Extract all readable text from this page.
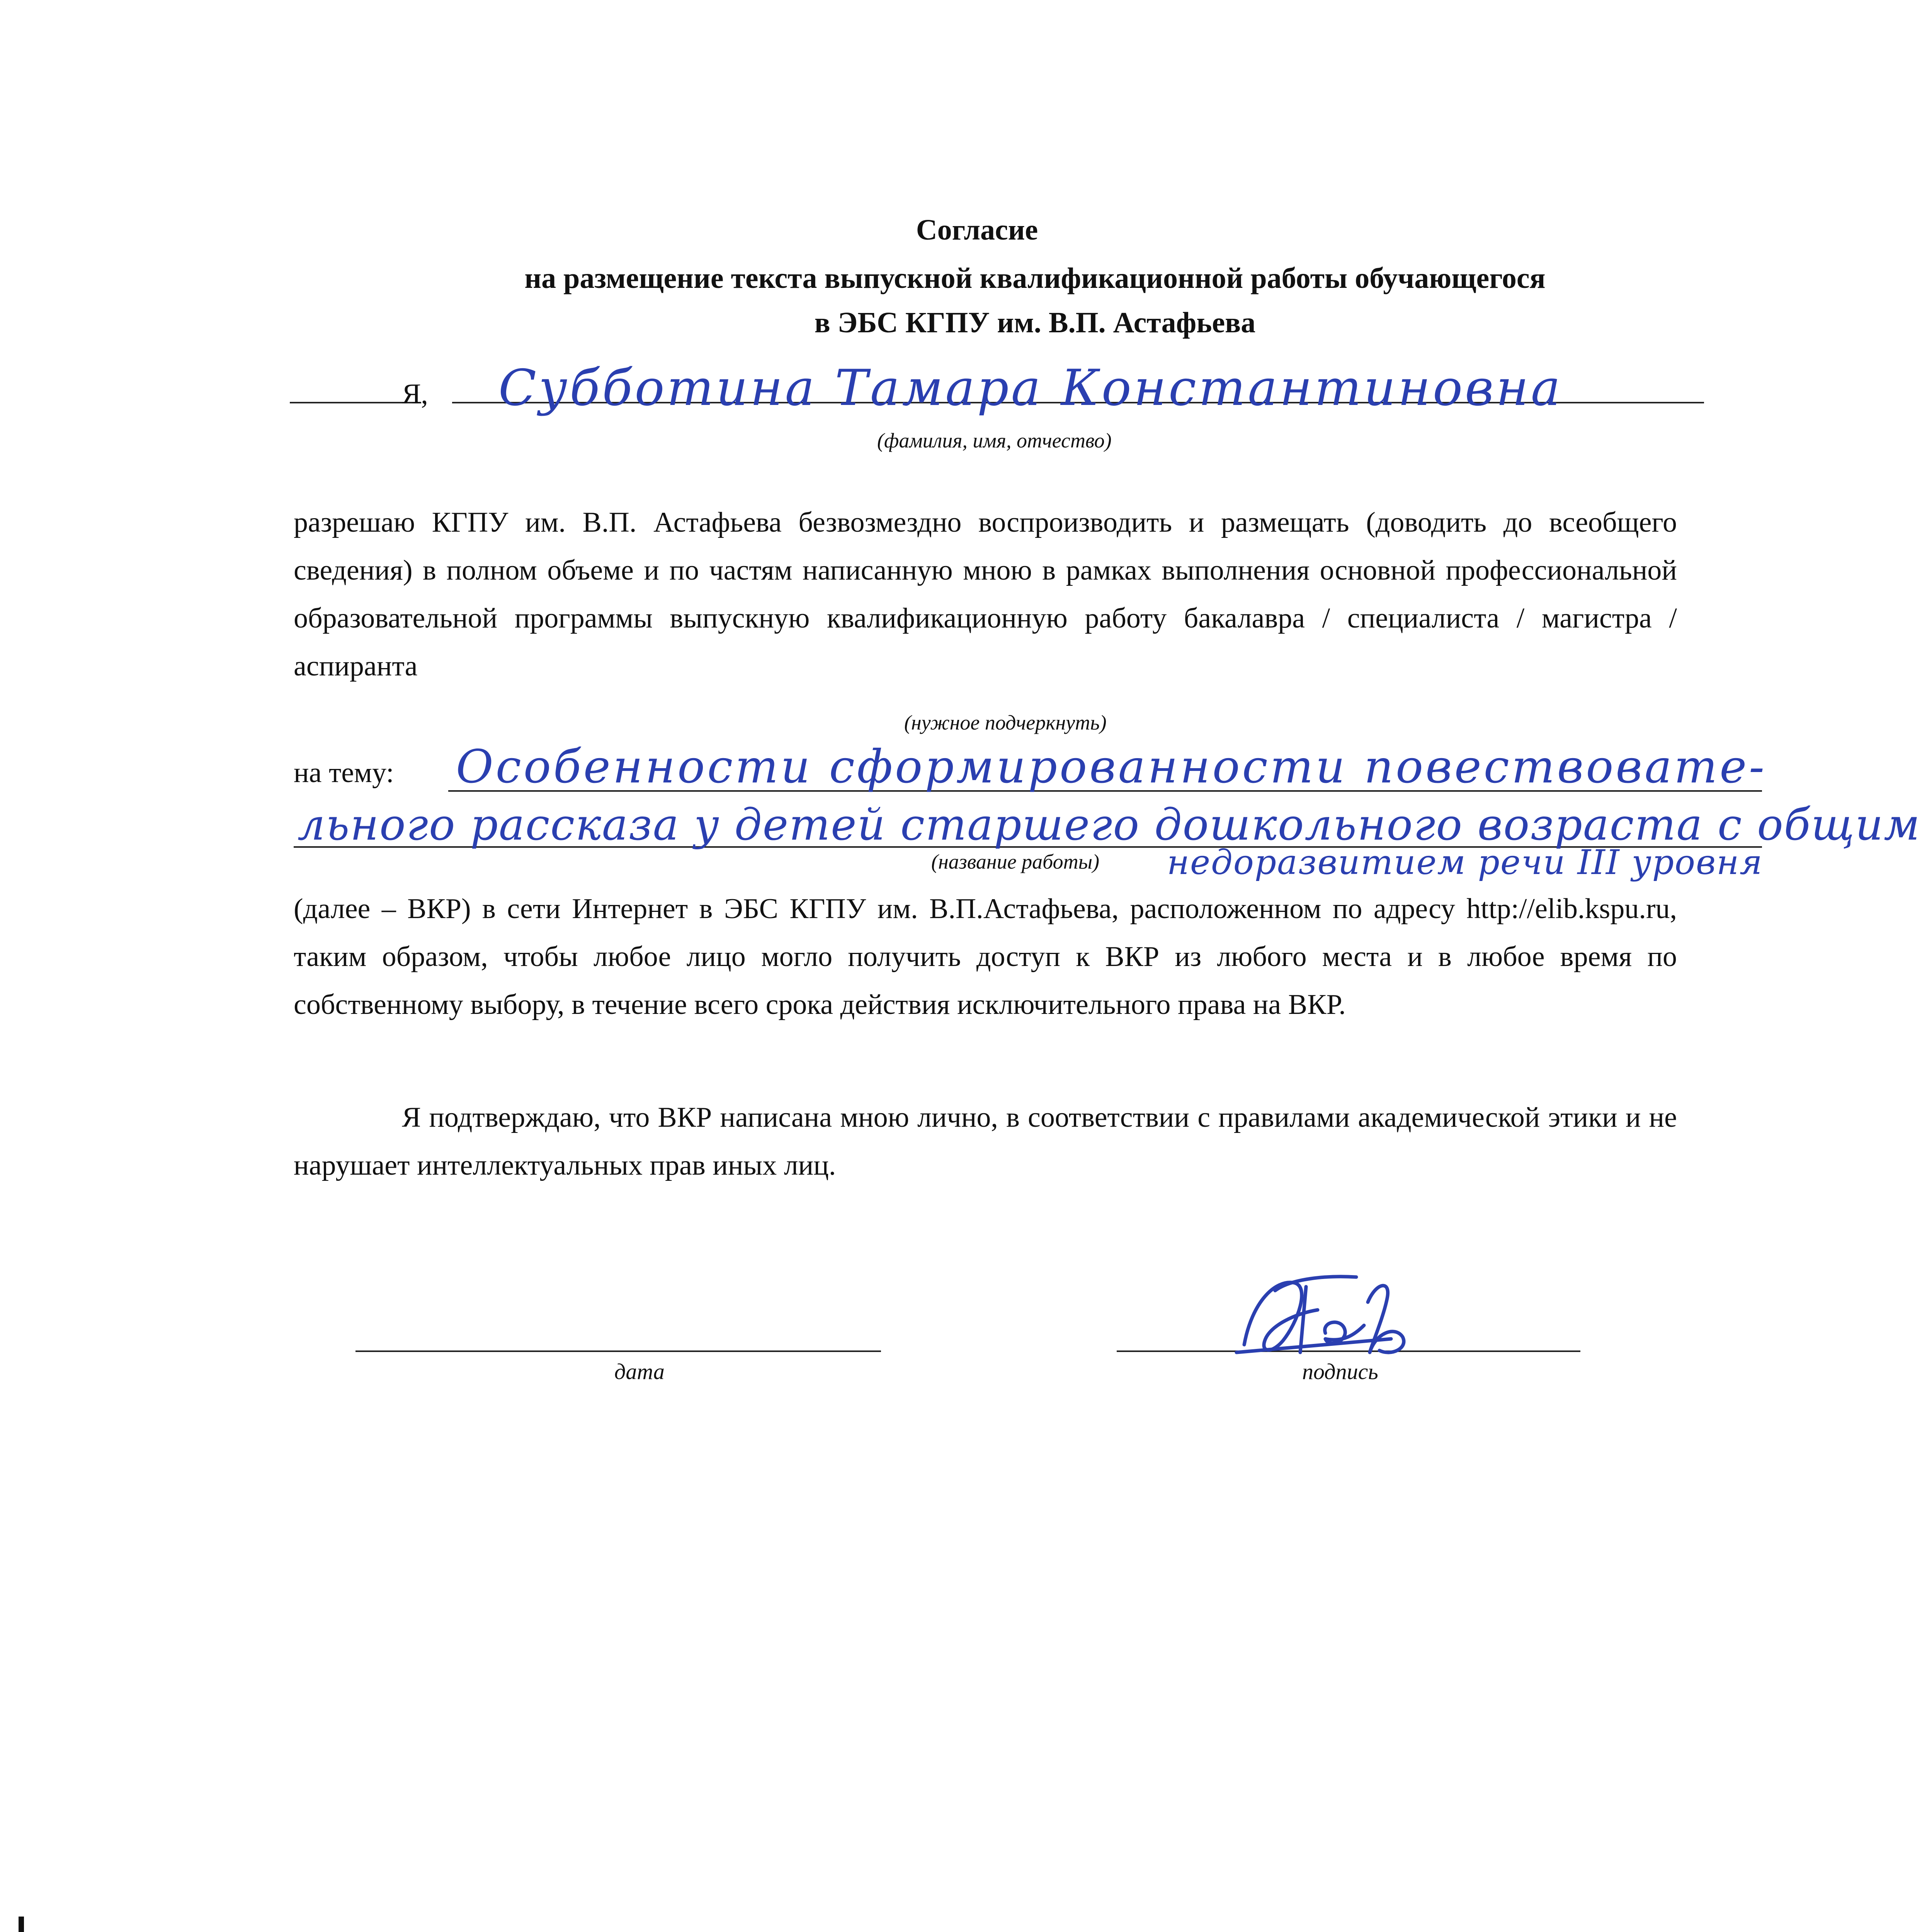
Согласие
на размещение текста выпускной квалификационной работы обучающегося
в ЭБС КГПУ им. В.П. Астафьева
Я, Субботина Тамара Константиновна
(фамилия, имя, отчество)
разрешаю КГПУ им. В.П. Астафьева безвозмездно воспроизводить и размещать (доводить до всеобщего сведения) в полном объеме и по частям написанную мною в рамках выполнения основной профессиональной образовательной программы выпускную квалификационную работу бакалавра / специалиста / магистра / аспиранта
(нужное подчеркнуть)
на тему: Особенности сформированности повествовате-
льного рассказа у детей старшего дошкольного возраста с общим
(название работы) недоразвитием речи III уровня
(далее – ВКР) в сети Интернет в ЭБС КГПУ им. В.П.Астафьева, расположенном по адресу http://elib.kspu.ru, таким образом, чтобы любое лицо могло получить доступ к ВКР из любого места и в любое время по собственному выбору, в течение всего срока действия исключительного права на ВКР.
Я подтверждаю, что ВКР написана мною лично, в соответствии с правилами академической этики и не нарушает интеллектуальных прав иных лиц.
дата	подпись
